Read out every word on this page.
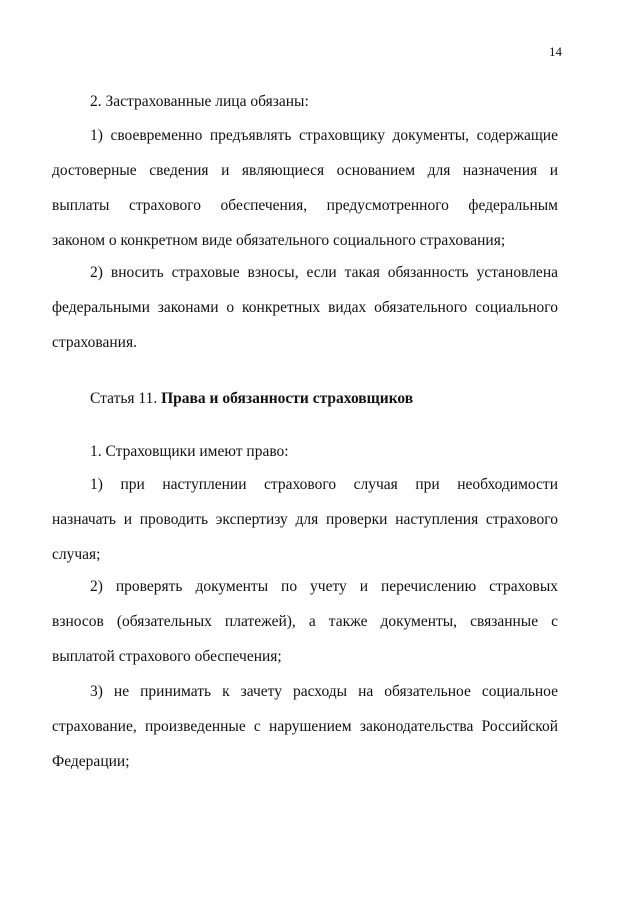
14

2. Застрахованные лица обязаны:

1) своевременно предъявлять страховщику документы, содержащие
достоверные сведения и являющиеся основанием для назначения и
выплаты страхового обеспечения, предусмотренного федеральным
законом о конкретном виде обязательного социального страхования;
2) вносить страховые взносы, если такая обязанность установлена
федеральными законами о конкретных видах обязательного социального
страхования.

Статья 11. Права и обязанности страховщиков

1. Страховщики имеют право:

1) при наступлении страхового случая при необходимости
назначать и проводить экспертизу для проверки наступления страхового
случая;
2) проверять документы по учету и перечислению страховых
взносов (обязательных платежей), а также документы, связанные с
выплатой страхового обеспечения;
3) не принимать к зачету расходы на обязательное социальное
страхование, произведенные с нарушением законодательства Российской
Федерации;
